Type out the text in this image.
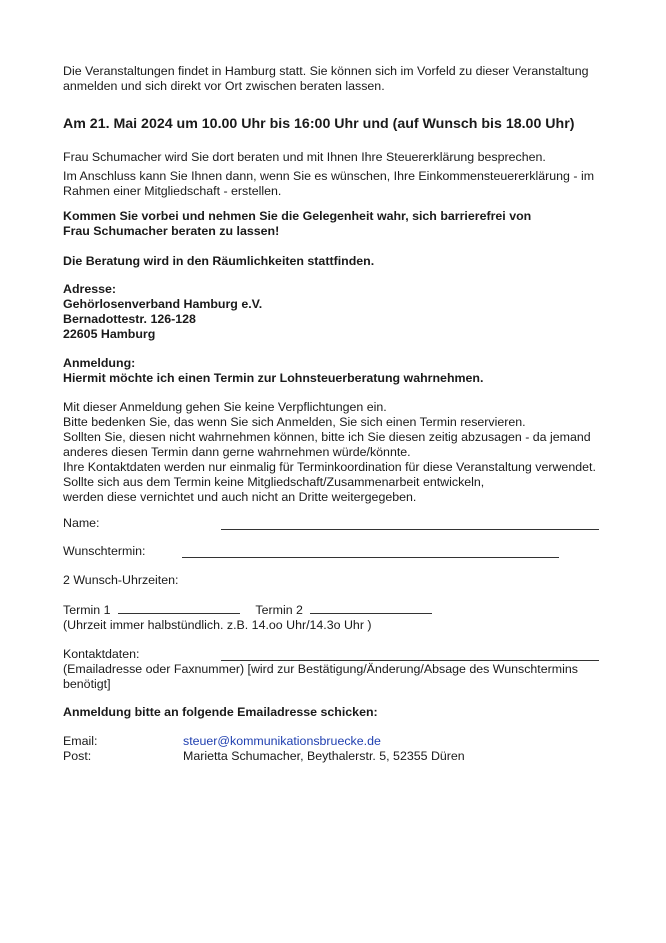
Die Veranstaltungen findet in Hamburg statt. Sie können sich im Vorfeld zu dieser Veranstaltung anmelden und sich direkt vor Ort zwischen beraten lassen.

Am 21. Mai 2024 um 10.00 Uhr bis 16:00 Uhr und (auf Wunsch bis 18.00 Uhr)

Frau Schumacher wird Sie dort beraten und mit Ihnen Ihre Steuererklärung besprechen.

Im Anschluss kann Sie Ihnen dann, wenn Sie es wünschen, Ihre Einkommensteuererklärung - im Rahmen einer Mitgliedschaft - erstellen.

Kommen Sie vorbei und nehmen Sie die Gelegenheit wahr, sich barrierefrei von Frau Schumacher beraten zu lassen!

Die Beratung wird in den Räumlichkeiten stattfinden.

Adresse:

Gehörlosenverband Hamburg e.V.

Bernadottestr. 126-128

22605 Hamburg

Anmeldung:

Hiermit möchte ich einen Termin zur Lohnsteuerberatung wahrnehmen.

Mit dieser Anmeldung gehen Sie keine Verpflichtungen ein.

Bitte bedenken Sie, das wenn Sie sich Anmelden, Sie sich einen Termin reservieren.

Sollten Sie, diesen nicht wahrnehmen können, bitte ich Sie diesen zeitig abzusagen - da jemand anderes diesen Termin dann gerne wahrnehmen würde/könnte.

Ihre Kontaktdaten werden nur einmalig für Terminkoordination für diese Veranstaltung verwendet.

Sollte sich aus dem Termin keine Mitgliedschaft/Zusammenarbeit entwickeln,

werden diese vernichtet und auch nicht an Dritte weitergegeben.

Name:
Wunschtermin:

2 Wunsch-Uhrzeiten:

Termin 1	Termin 2

(Uhrzeit immer halbstündlich. z.B. 14.oo Uhr/14.3o Uhr )

Kontaktdaten:

(Emailadresse oder Faxnummer) [wird zur Bestätigung/Änderung/Absage des Wunschtermins benötigt]

Anmeldung bitte an folgende Emailadresse schicken:

Email:	steuer@kommunikationsbruecke.de

Post:	Marietta Schumacher, Beythalerstr. 5, 52355 Düren
